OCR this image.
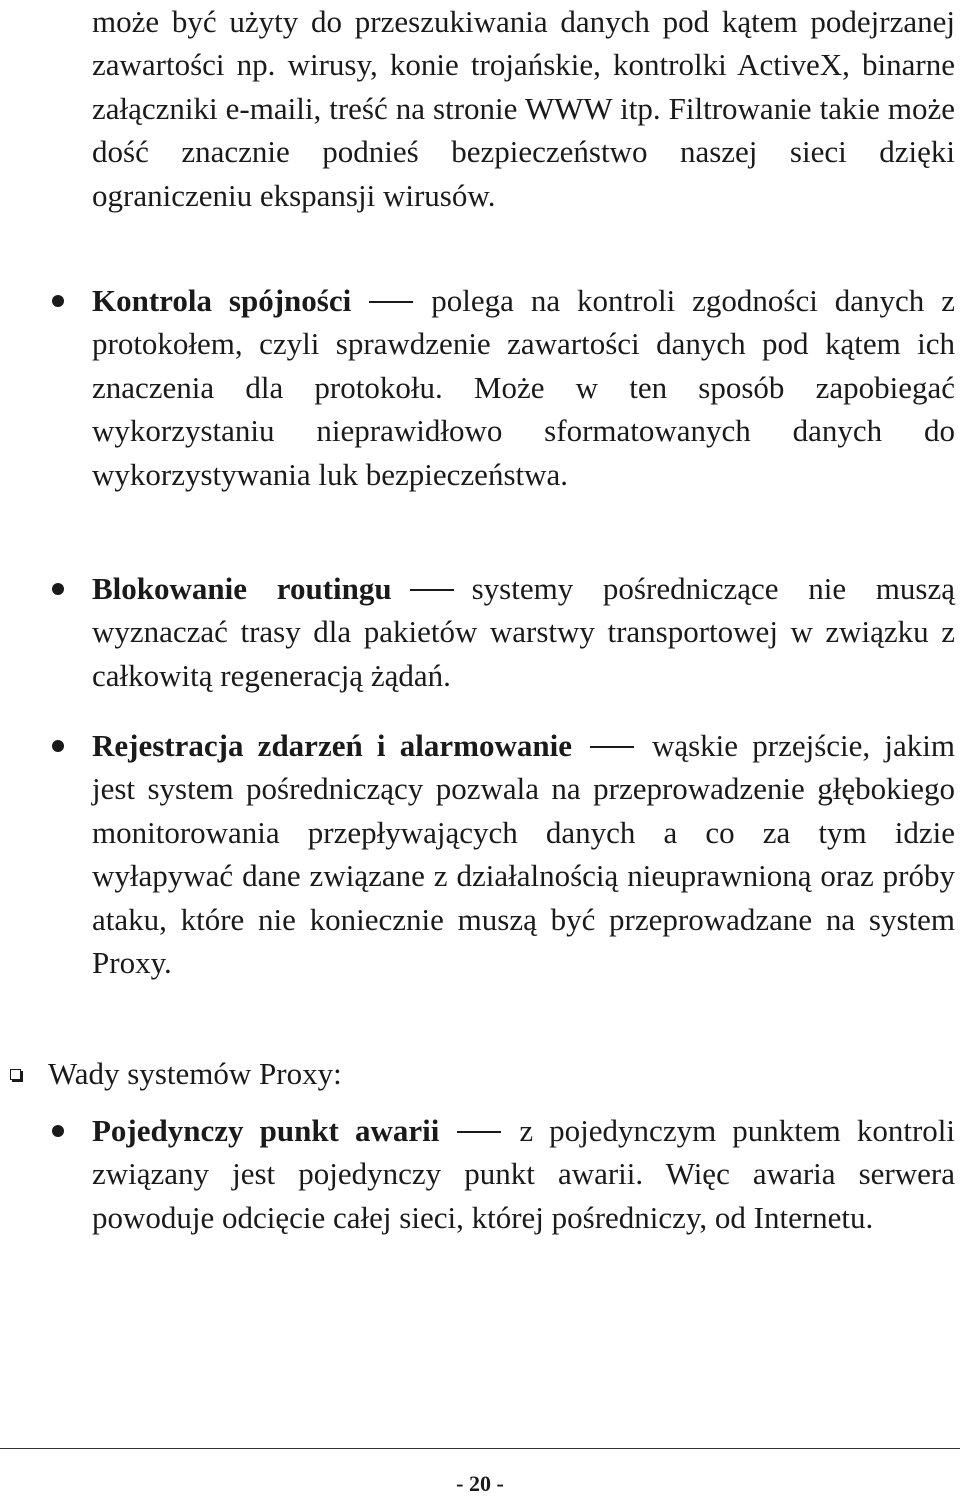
może być użyty do przeszukiwania danych pod kątem podejrzanej zawartości np. wirusy, konie trojańskie, kontrolki ActiveX, binarne załączniki e-maili, treść na stronie WWW itp. Filtrowanie takie może dość znacznie podnieś bezpieczeństwo naszej sieci dzięki ograniczeniu ekspansji wirusów.

Kontrola spójności	polega na kontroli zgodności danych z protokołem, czyli sprawdzenie zawartości danych pod kątem ich znaczenia dla protokołu. Może w ten sposób zapobiegać wykorzystaniu nieprawidłowo sformatowanych danych do wykorzystywania luk bezpieczeństwa.

Blokowanie routingu	systemy pośredniczące nie muszą wyznaczać trasy dla pakietów warstwy transportowej w związku z całkowitą regeneracją żądań.

Rejestracja zdarzeń i alarmowanie	wąskie przejście, jakim jest system pośredniczący pozwala na przeprowadzenie głębokiego monitorowania przepływających danych a co za tym idzie wyłapywać dane związane z działalnością nieuprawnioną oraz próby ataku, które nie koniecznie muszą być przeprowadzane na system Proxy.

Wady systemów Proxy:

Pojedynczy punkt awarii	z pojedynczym punktem kontroli związany jest pojedynczy punkt awarii. Więc awaria serwera powoduje odcięcie całej sieci, której pośredniczy, od Internetu.

- 20 -
